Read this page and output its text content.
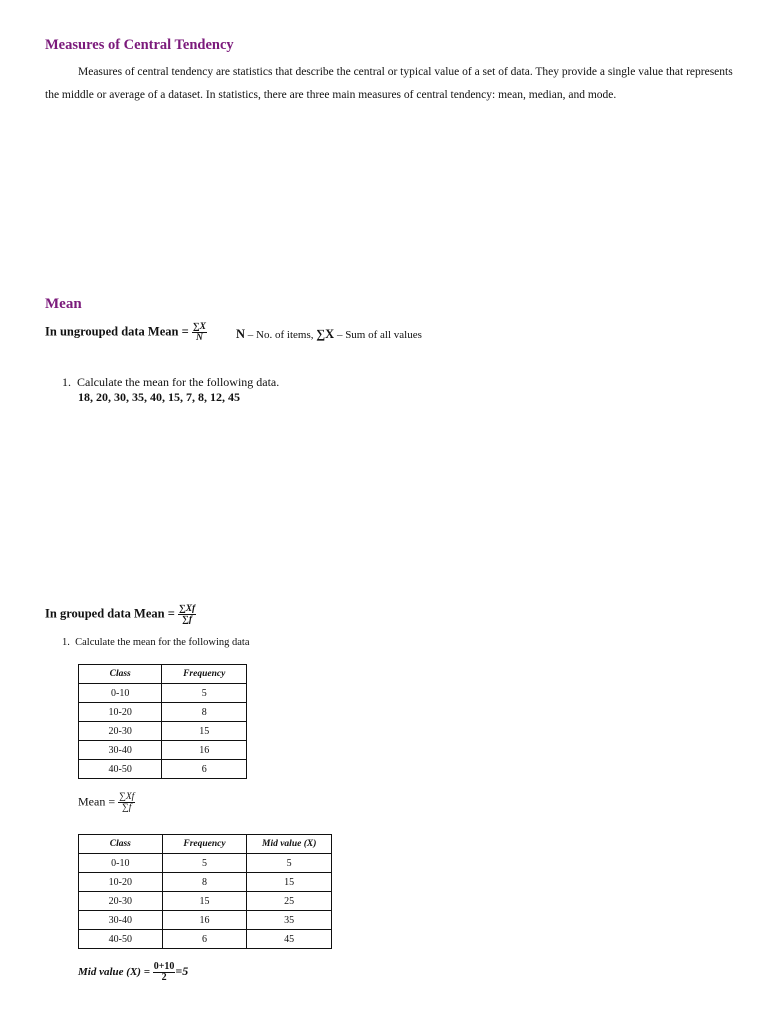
Measures of Central Tendency
Measures of central tendency are statistics that describe the central or typical value of a set of data. They provide a single value that represents the middle or average of a dataset. In statistics, there are three main measures of central tendency: mean, median, and mode.
Mean
In ungrouped data Mean = $\frac{\sum X}{N}$ N – No. of items, ∑X – Sum of all values
1. Calculate the mean for the following data.
18, 20, 30, 35, 40, 15, 7, 8, 12, 45
In grouped data Mean = $\frac{\sum Xf}{\sum f}$
1. Calculate the mean for the following data
Class	Frequency
0-10	5
10-20	8
20-30	15
30-40	16
40-50	6
Mean = $\frac{\sum Xf}{\sum f}$
Class	Frequency	Mid value (X)
0-10	5	5
10-20	8	15
20-30	15	25
30-40	16	35
40-50	6	45
Mid value $(X) = \frac{0+10}{2} =5$
